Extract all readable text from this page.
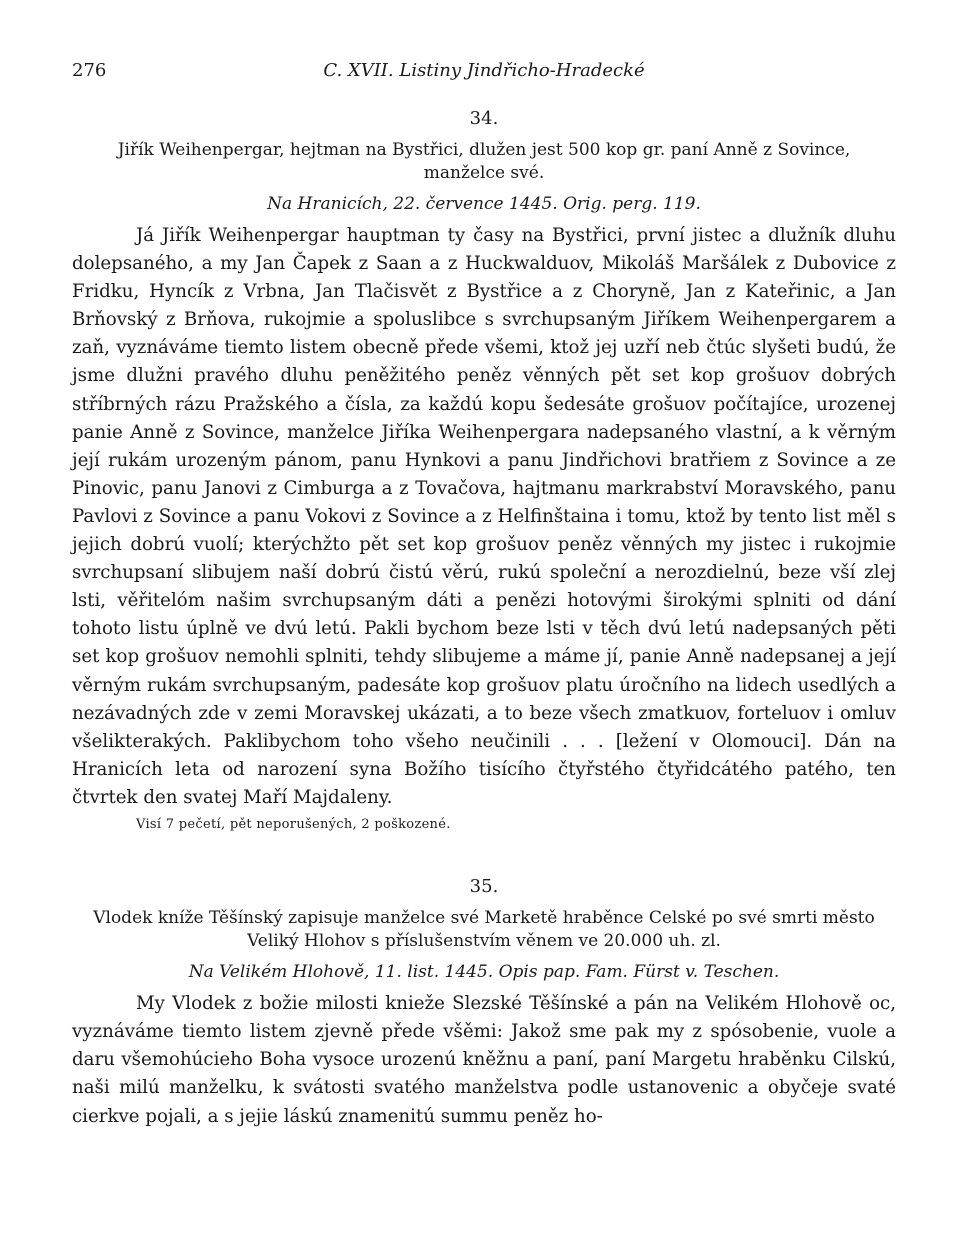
276	C. XVII. Listiny Jindřicho-Hradecké
34.

Jiřík Weihenpergar, hejtman na Bystřici, dlužen jest 500 kop gr. paní Anně z Sovince, manželce své.

Na Hranicích, 22. července 1445. Orig. perg. 119.

Já Jiřík Weihenpergar hauptman ty časy na Bystřici, první jistec a dlužník dluhu dolepsaného, a my Jan Čapek z Saan a z Huckwalduov, Mikoláš Maršálek z Dubovice z Fridku, Hyncík z Vrbna, Jan Tlačisvět z Bystřice a z Choryně, Jan z Kateřinic, a Jan Brňovský z Brňova, rukojmie a spoluslibce s svrchupsaným Jiříkem Weihenpergarem a zaň, vyznáváme tiemto listem obecně přede všemi, ktož jej uzří neb čtúc slyšeti budú, že jsme dlužni pravého dluhu peněžitého peněz věnných pět set kop grošuov dobrých stříbrných rázu Pražského a čísla, za každú kopu šedesáte grošuov počítajíce, urozenej panie Anně z Sovince, manželce Jiříka Weihenpergara nadepsaného vlastní, a k věrným její rukám urozeným pánom, panu Hynkovi a panu Jindřichovi bratřiem z Sovince a ze Pinovic, panu Janovi z Cimburga a z Tovačova, hajtmanu markrabství Moravského, panu Pavlovi z Sovince a panu Vokovi z Sovince a z Helfinštaina i tomu, ktož by tento list měl s jejich dobrú vuolí; kterýchžto pět set kop grošuov peněz věnných my jistec i rukojmie svrchupsaní slibujem naší dobrú čistú věrú, rukú společní a nerozdielnú, beze vší zlej lsti, věřitelóm našim svrchupsaným dáti a penězi hotovými širokými splniti od dání tohoto listu úplně ve dvú letú. Pakli bychom beze lsti v těch dvú letú nadepsaných pěti set kop grošuov nemohli splniti, tehdy slibujeme a máme jí, panie Anně nadepsanej a její věrným rukám svrchupsaným, padesáte kop grošuov platu úročního na lidech usedlých a nezávadných zde v zemi Moravskej ukázati, a to beze všech zmatkuov, forteluov i omluv všelikterakých. Paklibychom toho všeho neučinili . . . [ležení v Olomouci]. Dán na Hranicích leta od narození syna Božího tisícího čtyřstého čtyřidcátého patého, ten čtvrtek den svatej Maří Majdaleny.

Visí 7 pečetí, pět neporušených, 2 poškozené.

35.

Vlodek kníže Těšínský zapisuje manželce své Marketě hraběnce Celské po své smrti město Veliký Hlohov s příslušenstvím věnem ve 20.000 uh. zl.

Na Velikém Hlohově, 11. list. 1445. Opis pap. Fam. Fürst v. Teschen.

My Vlodek z božie milosti knieže Slezské Těšínské a pán na Velikém Hlohově oc, vyznáváme tiemto listem zjevně přede všěmi: Jakož sme pak my z spósobenie, vuole a daru všemohúcieho Boha vysoce urozenú kněžnu a paní, paní Margetu hraběnku Cilskú, naši milú manželku, k svátosti svatého manželstva podle ustanovenic a obyčeje svaté cierkve pojali, a s jejie láskú znamenitú summu peněz ho-
